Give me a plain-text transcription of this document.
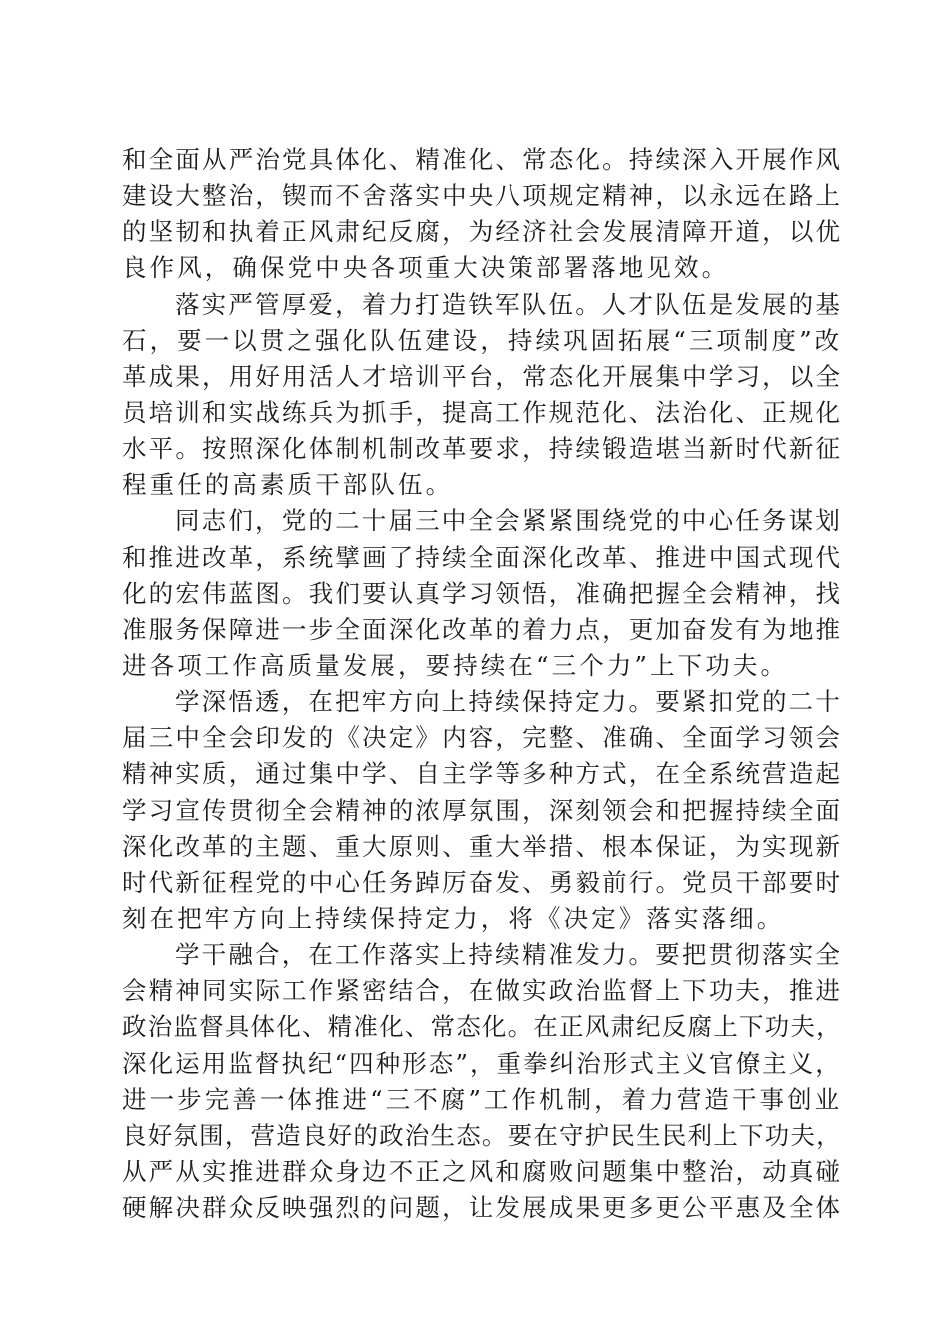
和全面从严治党具体化、精准化、常态化。持续深入开展作风
建设大整治，锲而不舍落实中央八项规定精神，以永远在路上
的坚韧和执着正风肃纪反腐，为经济社会发展清障开道，以优
良作风，确保党中央各项重大决策部署落地见效。
落实严管厚爱，着力打造铁军队伍。人才队伍是发展的基
石，要一以贯之强化队伍建设，持续巩固拓展“三项制度”改
革成果，用好用活人才培训平台，常态化开展集中学习，以全
员培训和实战练兵为抓手，提高工作规范化、法治化、正规化
水平。按照深化体制机制改革要求，持续锻造堪当新时代新征
程重任的高素质干部队伍。
同志们，党的二十届三中全会紧紧围绕党的中心任务谋划
和推进改革，系统擘画了持续全面深化改革、推进中国式现代
化的宏伟蓝图。我们要认真学习领悟，准确把握全会精神，找
准服务保障进一步全面深化改革的着力点，更加奋发有为地推
进各项工作高质量发展，要持续在“三个力”上下功夫。
学深悟透，在把牢方向上持续保持定力。要紧扣党的二十
届三中全会印发的《决定》内容，完整、准确、全面学习领会
精神实质，通过集中学、自主学等多种方式，在全系统营造起
学习宣传贯彻全会精神的浓厚氛围，深刻领会和把握持续全面
深化改革的主题、重大原则、重大举措、根本保证，为实现新
时代新征程党的中心任务踔厉奋发、勇毅前行。党员干部要时
刻在把牢方向上持续保持定力，将《决定》落实落细。
学干融合，在工作落实上持续精准发力。要把贯彻落实全
会精神同实际工作紧密结合，在做实政治监督上下功夫，推进
政治监督具体化、精准化、常态化。在正风肃纪反腐上下功夫，
深化运用监督执纪“四种形态”，重拳纠治形式主义官僚主义，
进一步完善一体推进“三不腐”工作机制，着力营造干事创业
良好氛围，营造良好的政治生态。要在守护民生民利上下功夫，
从严从实推进群众身边不正之风和腐败问题集中整治，动真碰
硬解决群众反映强烈的问题，让发展成果更多更公平惠及全体
